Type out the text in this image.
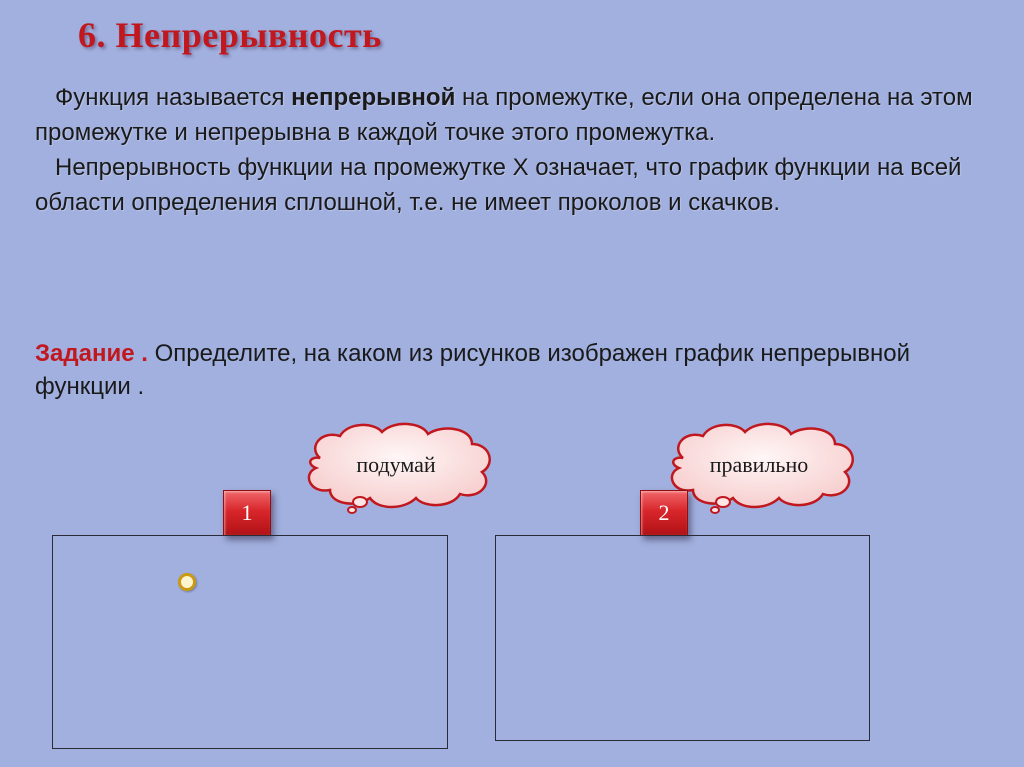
6. Непрерывность

Функция называется непрерывной на промежутке, если она определена на этом промежутке и непрерывна в каждой точке этого промежутка.

Непрерывность функции на промежутке Х означает, что график функции на всей области определения сплошной, т.е. не имеет проколов и скачков.

Задание . Определите, на каком из рисунков изображен график непрерывной функции .
подумай	правильно
1	2
